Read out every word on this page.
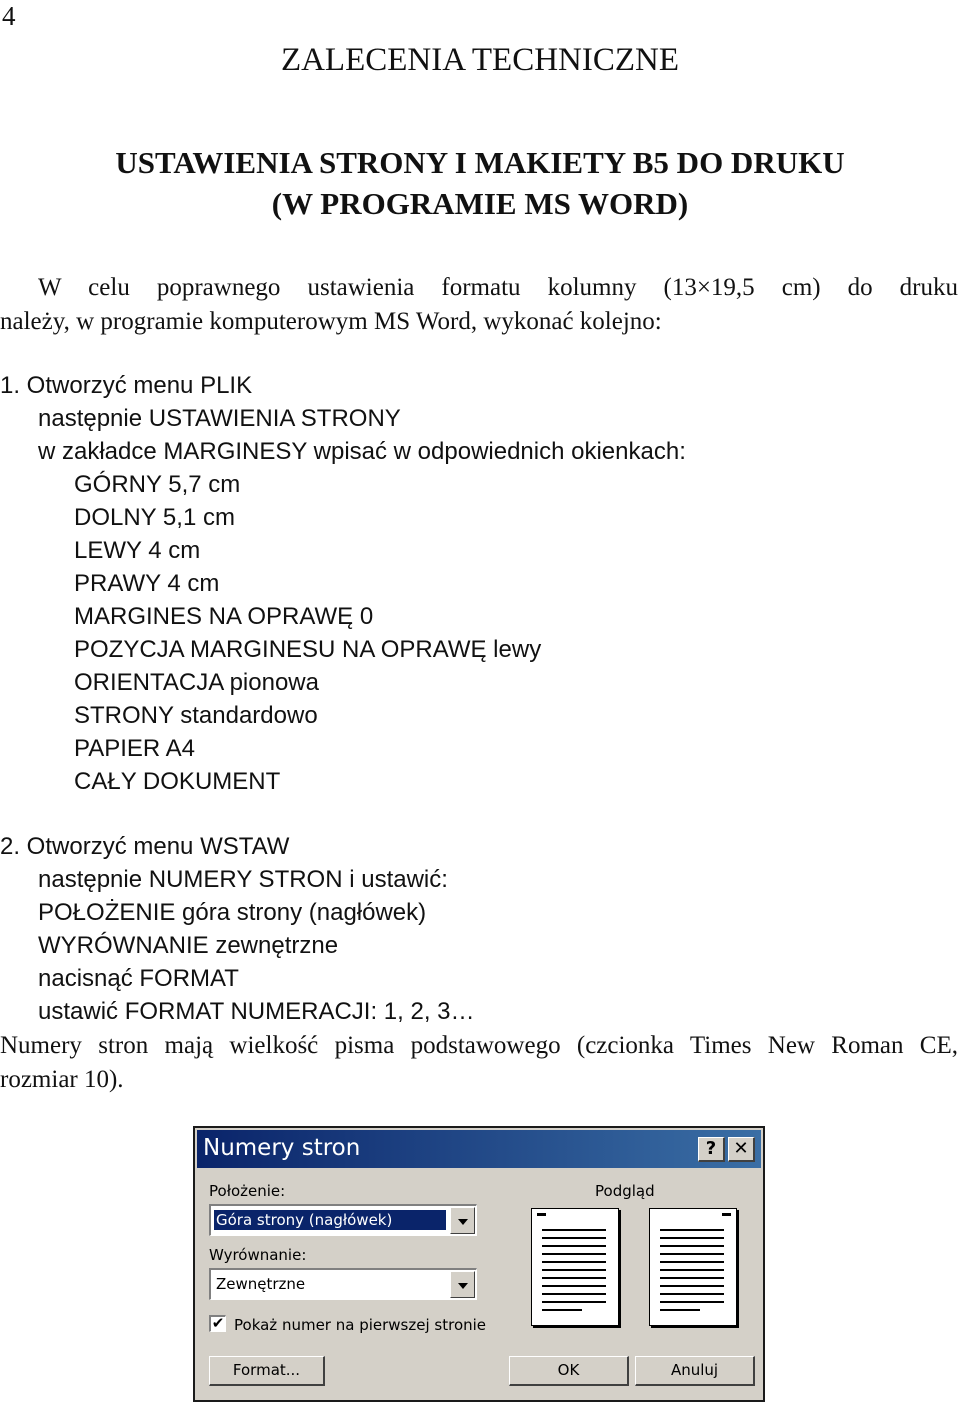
4
ZALECENIA TECHNICZNE
USTAWIENIA STRONY I MAKIETY B5 DO DRUKU
(W PROGRAMIE MS WORD)
W celu poprawnego ustawienia formatu kolumny (13×19,5 cm) do druku
należy, w programie komputerowym MS Word, wykonać kolejno:
1. Otworzyć menu PLIK
następnie USTAWIENIA STRONY
w zakładce MARGINESY wpisać w odpowiednich okienkach:
GÓRNY 5,7 cm
DOLNY 5,1 cm
LEWY 4 cm
PRAWY 4 cm
MARGINES NA OPRAWĘ 0
POZYCJA MARGINESU NA OPRAWĘ lewy
ORIENTACJA pionowa
STRONY standardowo
PAPIER A4
CAŁY DOKUMENT
2. Otworzyć menu WSTAW
następnie NUMERY STRON i ustawić:
POŁOŻENIE góra strony (nagłówek)
WYRÓWNANIE zewnętrzne
nacisnąć FORMAT
ustawić FORMAT NUMERACJI: 1, 2, 3…
Numery stron mają wielkość pisma podstawowego (czcionka Times New Roman CE,
rozmiar 10).
Numery stron	? ✕
Położenie:
Góra strony (nagłówek)
Wyrównanie:
Zewnętrzne
✔ Pokaż numer na pierwszej stronie
Podgląd
Format...	OK	Anuluj
